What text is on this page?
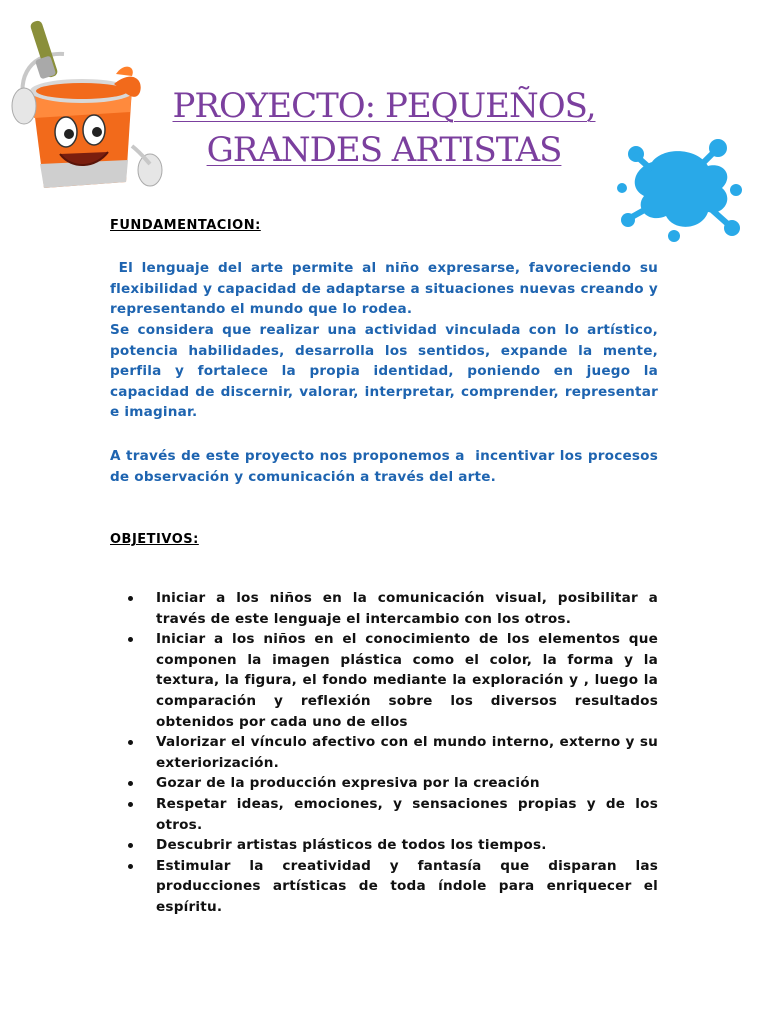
PROYECTO: PEQUEÑOS,
GRANDES ARTISTAS
FUNDAMENTACION:

El lenguaje del arte permite al niño expresarse, favoreciendo su flexibilidad y capacidad de adaptarse a situaciones nuevas creando y representando el mundo que lo rodea.

Se considera que realizar una actividad vinculada con lo artístico, potencia habilidades, desarrolla los sentidos, expande la mente, perfila y fortalece la propia identidad, poniendo en juego la capacidad de discernir, valorar, interpretar, comprender, representar e imaginar.

A través de este proyecto nos proponemos a  incentivar los procesos de observación y comunicación a través del arte.

OBJETIVOS:
Iniciar a los niños en la comunicación visual, posibilitar a través de este lenguaje el intercambio con los otros.
Iniciar a los niños en el conocimiento de los elementos que componen la imagen plástica como el color, la forma y la textura, la figura, el fondo mediante la exploración y , luego la comparación y reflexión sobre los diversos resultados obtenidos por cada uno de ellos
Valorizar el vínculo afectivo con el mundo interno, externo y su exteriorización.
Gozar de la producción expresiva por la creación
Respetar ideas, emociones, y sensaciones propias y de los otros.
Descubrir artistas plásticos de todos los tiempos.
Estimular la creatividad y fantasía que disparan las producciones artísticas de toda índole para enriquecer el espíritu.
